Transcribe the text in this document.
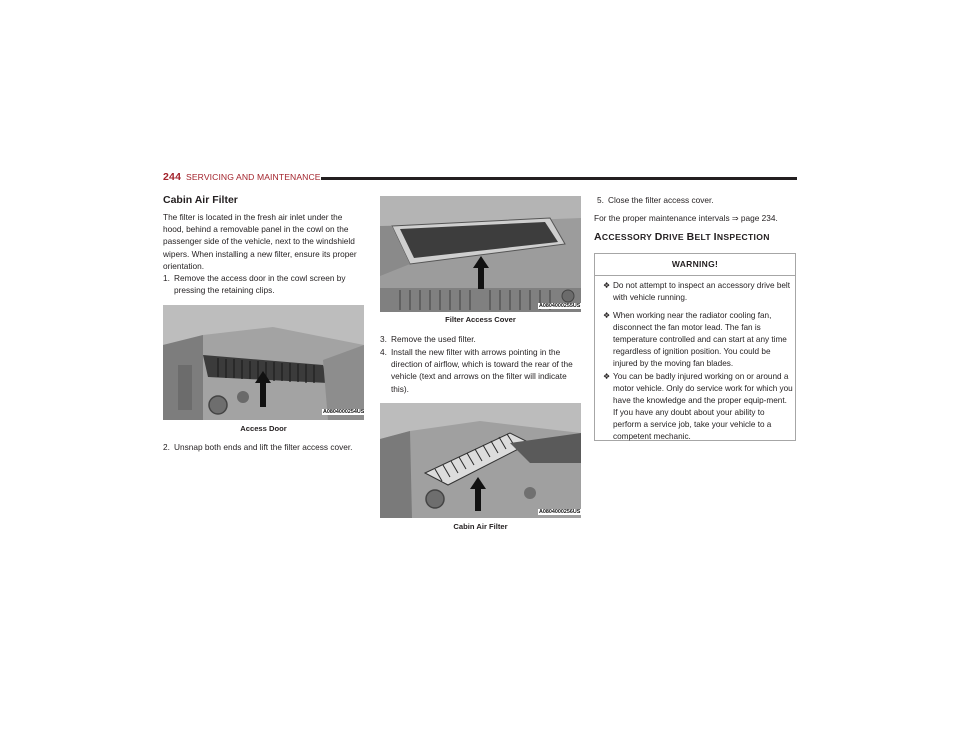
244 SERVICING AND MAINTENANCE
Cabin Air Filter
The filter is located in the fresh air inlet under the hood, behind a removable panel in the cowl on the passenger side of the vehicle, next to the windshield wipers. When installing a new filter, ensure its proper orientation.
1. Remove the access door in the cowl screen by pressing the retaining clips.
A0804000254US
Access Door
2. Unsnap both ends and lift the filter access cover.
A0804000255US
Filter Access Cover
3. Remove the used filter.
4. Install the new filter with arrows pointing in the direction of airflow, which is toward the rear of the vehicle (text and arrows on the filter will indicate this).
A0804000256US
Cabin Air Filter
5. Close the filter access cover.
For the proper maintenance intervals ⇒ page 234.
ACCESSORY DRIVE BELT INSPECTION
WARNING!
❖ Do not attempt to inspect an accessory drive belt with vehicle running.
❖ When working near the radiator cooling fan, disconnect the fan motor lead. The fan is temperature controlled and can start at any time regardless of ignition position. You could be injured by the moving fan blades.
❖ You can be badly injured working on or around a motor vehicle. Only do service work for which you have the knowledge and the proper equip-ment. If you have any doubt about your ability to perform a service job, take your vehicle to a competent mechanic.
